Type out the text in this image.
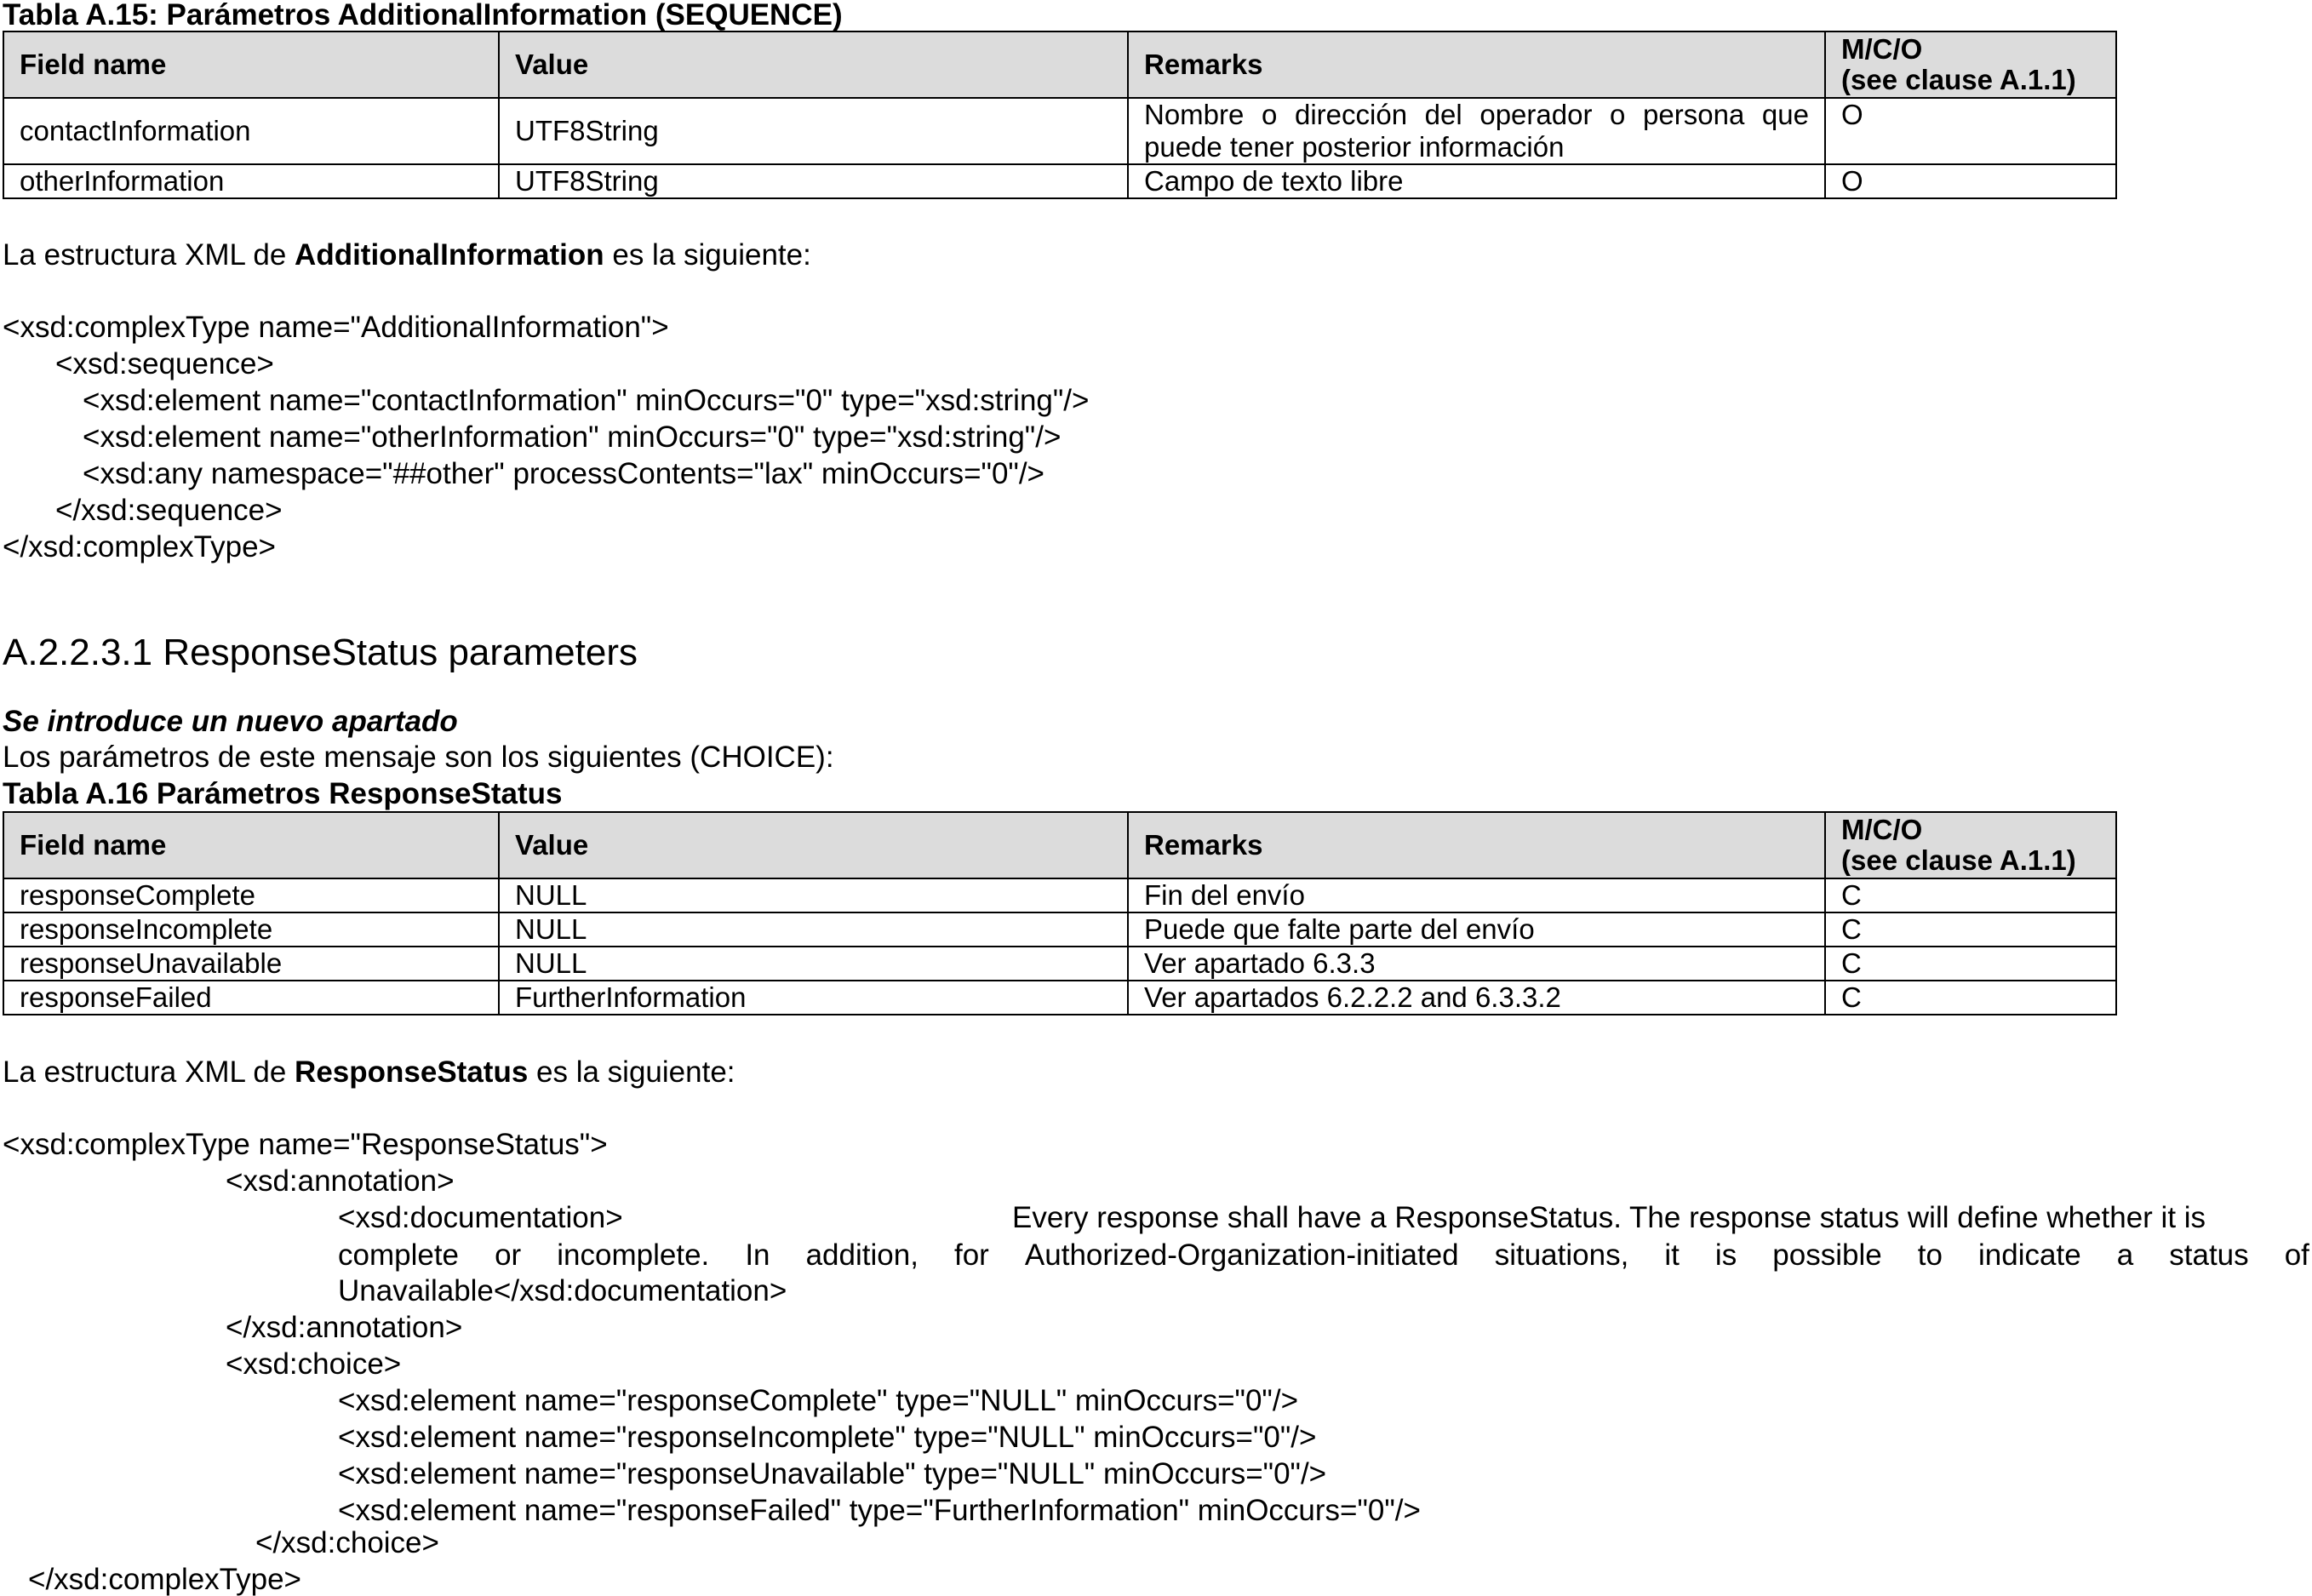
Tabla A.15: Parámetros AdditionalInformation (SEQUENCE)
Field name	Value	Remarks	M/C/O
(see clause A.1.1)

contactInformation	UTF8String	Nombre o dirección del operador o persona que
puede tener posterior información	O
otherInformation	UTF8String	Campo de texto libre	O
La estructura XML de AdditionalInformation es la siguiente:
<xsd:complexType name="AdditionalInformation">
<xsd:sequence>
<xsd:element name="contactInformation" minOccurs="0" type="xsd:string"/>
<xsd:element name="otherInformation" minOccurs="0" type="xsd:string"/>
<xsd:any namespace="##other" processContents="lax" minOccurs="0"/>
</xsd:sequence>
</xsd:complexType>
A.2.2.3.1 ResponseStatus parameters
Se introduce un nuevo apartado
Los parámetros de este mensaje son los siguientes (CHOICE):
Tabla A.16 Parámetros ResponseStatus
Field name	Value	Remarks	M/C/O
(see clause A.1.1)

responseComplete	NULL	Fin del envío	C
responseIncomplete	NULL	Puede que falte parte del envío	C
responseUnavailable	NULL	Ver apartado 6.3.3	C
responseFailed	FurtherInformation	Ver apartados 6.2.2.2 and 6.3.3.2	C
La estructura XML de ResponseStatus es la siguiente:
<xsd:complexType name="ResponseStatus">
<xsd:annotation>
<xsd:documentation>	Every response shall have a ResponseStatus. The response status will define whether it is
complete or incomplete. In addition, for Authorized-Organization-initiated situations, it is possible to indicate a status of
Unavailable</xsd:documentation>
</xsd:annotation>
<xsd:choice>
<xsd:element name="responseComplete" type="NULL" minOccurs="0"/>
<xsd:element name="responseIncomplete" type="NULL" minOccurs="0"/>
<xsd:element name="responseUnavailable" type="NULL" minOccurs="0"/>
<xsd:element name="responseFailed" type="FurtherInformation" minOccurs="0"/>
</xsd:choice>
</xsd:complexType>
